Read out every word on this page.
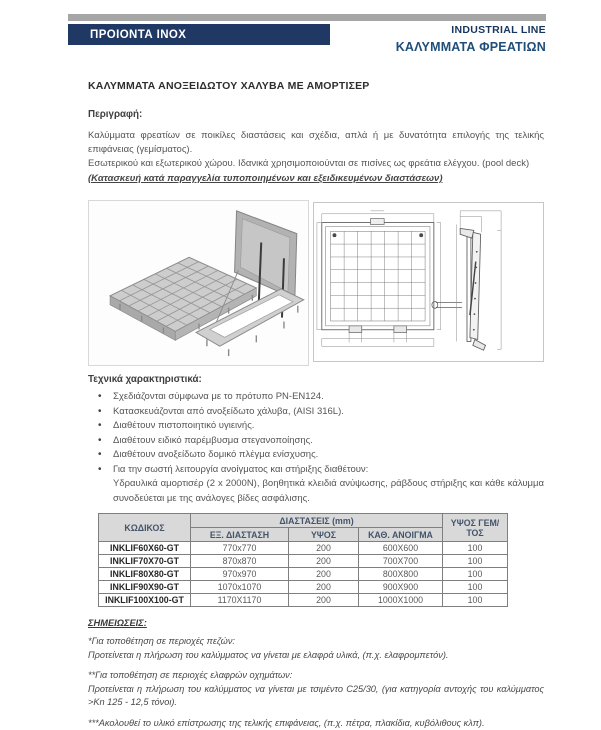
ΠΡΟΙΟΝΤΑ INOX	INDUSTRIAL LINE
ΚΑΛΥΜΜΑΤΑ ΦΡΕΑΤΙΩΝ
ΚΑΛΥΜΜΑΤΑ ΑΝΟΞΕΙΔΩΤΟΥ ΧΑΛΥΒΑ ΜΕ ΑΜΟΡΤΙΣΕΡ
Περιγραφή:

Καλύμματα φρεατίων σε ποικίλες διαστάσεις και σχέδια, απλά ή με δυνατότητα επιλογής της τελικής επιφάνειας (γεμίσματος).

Εσωτερικού και εξωτερικού χώρου. Ιδανικά χρησιμοποιούνται σε πισίνες ως φρεάτια ελέγχου. (pool deck)

(Κατασκευή κατά παραγγελία τυποποιημένων και εξειδικευμένων διαστάσεων)
Τεχνικά χαρακτηριστικά:
• Σχεδιάζονται σύμφωνα με το πρότυπο PN-EN124.
• Κατασκευάζονται από ανοξείδωτο χάλυβα, (AISI 316L).
• Διαθέτουν πιστοποιητικό υγιεινής.
• Διαθέτουν ειδικό παρέμβυσμα στεγανοποίησης.
• Διαθέτουν ανοξείδωτο δομικό πλέγμα ενίσχυσης.
• Για την σωστή λειτουργία ανοίγματος και στήριξης διαθέτουν:

Υδραυλικά αμορτισέρ (2 x 2000N), βοηθητικά κλειδιά ανύψωσης, ράβδους στήριξης και κάθε κάλυμμα συνοδεύεται με της ανάλογες βίδες ασφάλισης.

ΚΩΔΙΚΟΣ	ΔΙΑΣΤΑΣΕΙΣ (mm)			ΥΨΟΣ ΓΕΜ/ΤΟΣ
	ΕΞ. ΔΙΑΣΤΑΣΗ	ΥΨΟΣ	ΚΑΘ. ΑΝΟΙΓΜΑ	
INKLIF60X60-GT	770x770	200	600X600	100
INKLIF70X70-GT	870x870	200	700X700	100
INKLIF80X80-GT	970x970	200	800X800	100
INKLIF90X90-GT	1070x1070	200	900X900	100
INKLIF100X100-GT	1170X1170	200	1000X1000	100
ΣΗΜΕΙΩΣΕΙΣ:
*Για τοποθέτηση σε περιοχές πεζών:
Προτείνεται η πλήρωση του καλύμματος να γίνεται με ελαφρά υλικά, (π.χ. ελαφρομπετόν).
**Για τοποθέτηση σε περιοχές ελαφρών οχημάτων:
Προτείνεται η πλήρωση του καλύμματος να γίνεται με τσιμέντο C25/30, (για κατηγορία αντοχής του καλύμματος >Κn 125 - 12,5 τόνοι).
***Ακολουθεί το υλικό επίστρωσης της τελικής επιφάνειας, (π.χ. πέτρα, πλακίδια, κυβόλιθους κλπ).
